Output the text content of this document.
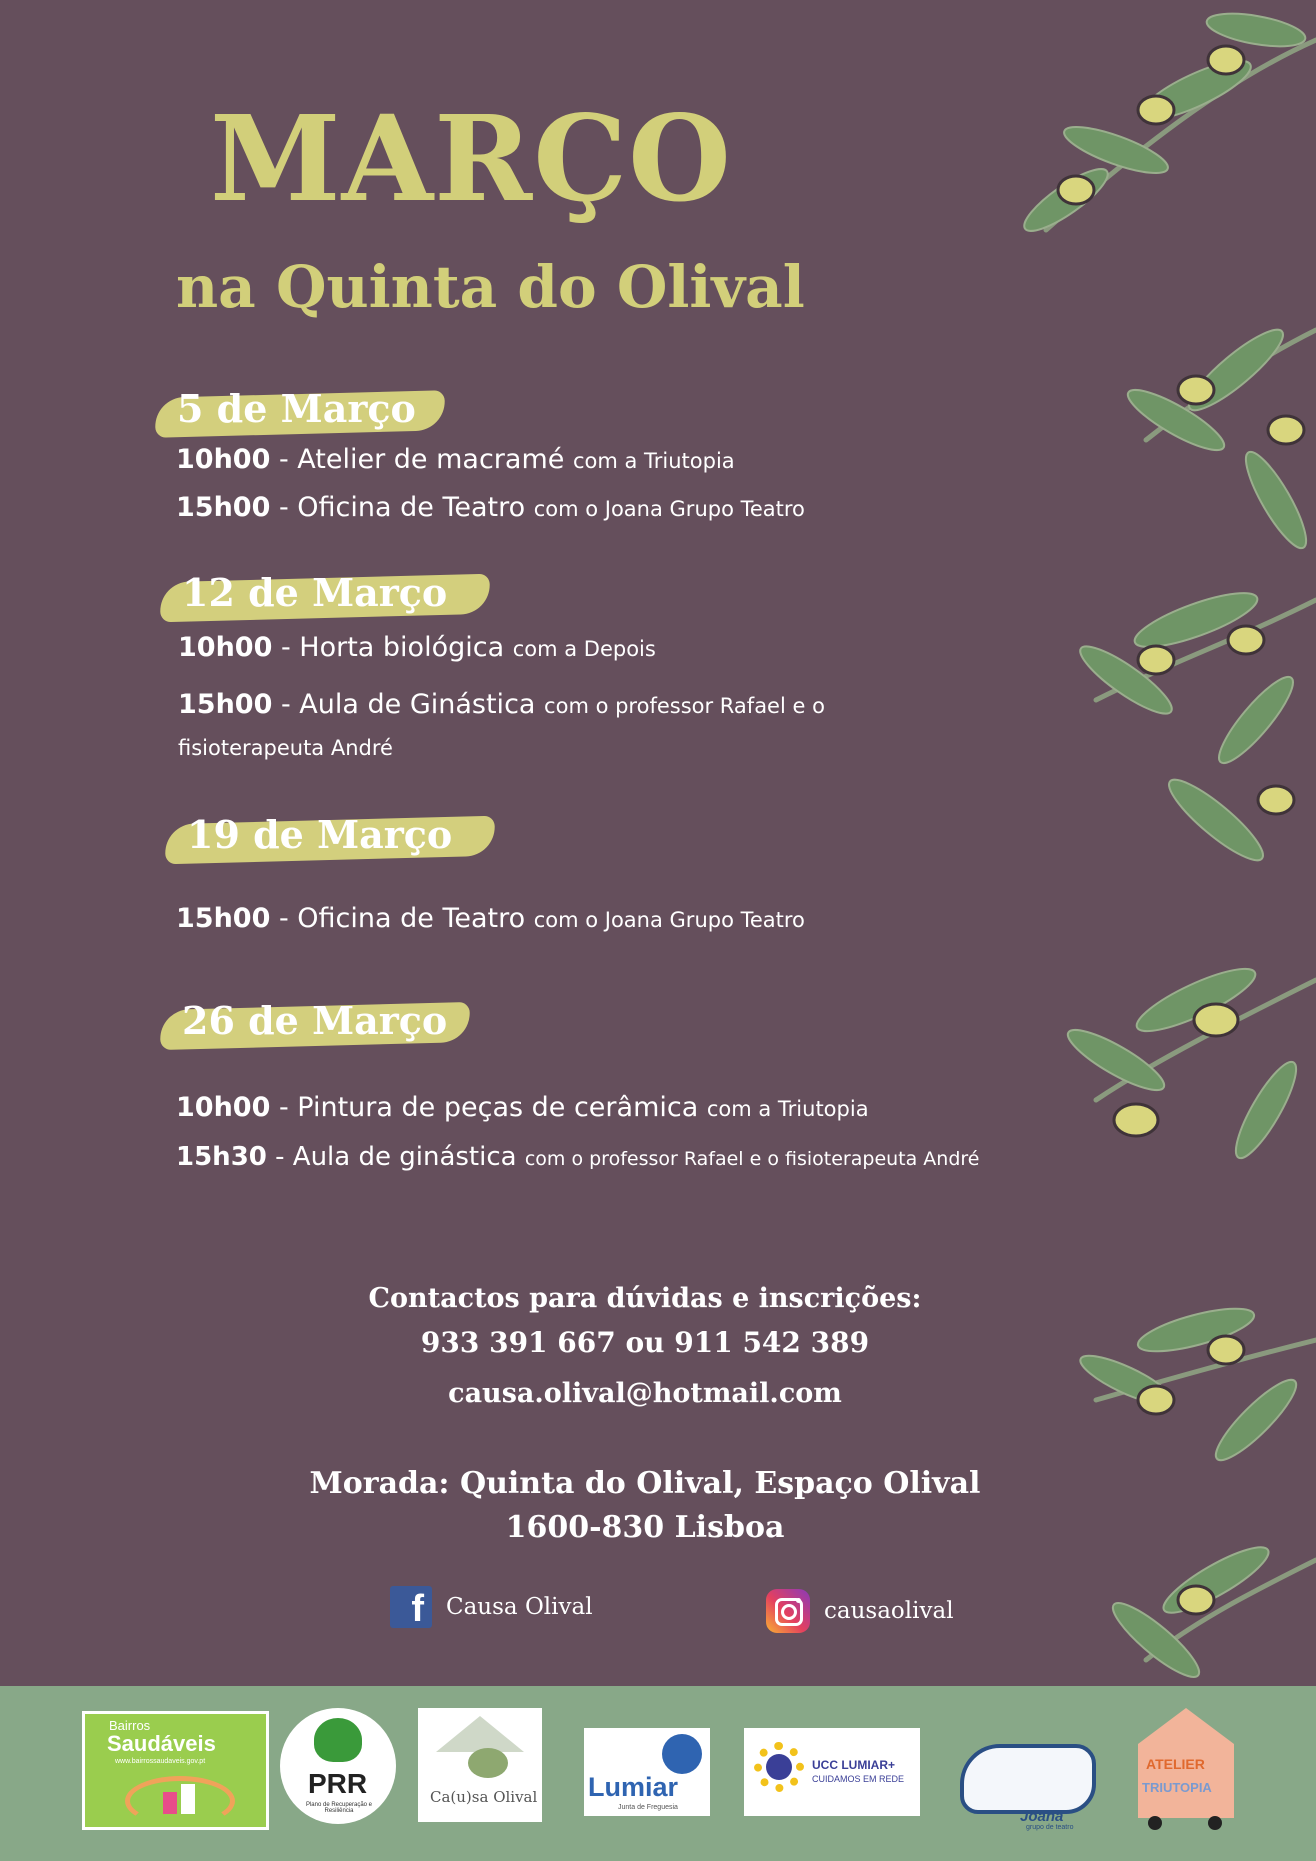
MARÇO
na Quinta do Olival
5 de Março
10h00 - Atelier de macramé com a Triutopia
15h00 - Oficina de Teatro com o Joana Grupo Teatro
12 de Março
10h00 - Horta biológica com a Depois
15h00 - Aula de Ginástica com o professor Rafael e o fisioterapeuta André
19 de Março
15h00 - Oficina de Teatro com o Joana Grupo Teatro
26 de Março
10h00 - Pintura de peças de cerâmica com a Triutopia
15h30 - Aula de ginástica com o professor Rafael e o fisioterapeuta André
Contactos para dúvidas e inscrições:
933 391 667 ou 911 542 389
causa.olival@hotmail.com
Morada: Quinta do Olival, Espaço Olival
1600-830 Lisboa
f Causa Olival	causaolival
Bairros
Saudáveis
www.bairrossaudaveis.gov.pt
PRR
Plano de Recuperação e Resiliência
Ca(u)sa Olival Lumiar
Junta de Freguesia
UCC LUMIAR+
CUIDAMOS EM REDE
Joana
grupo de teatro
ATELIER
TRIUTOPIA
